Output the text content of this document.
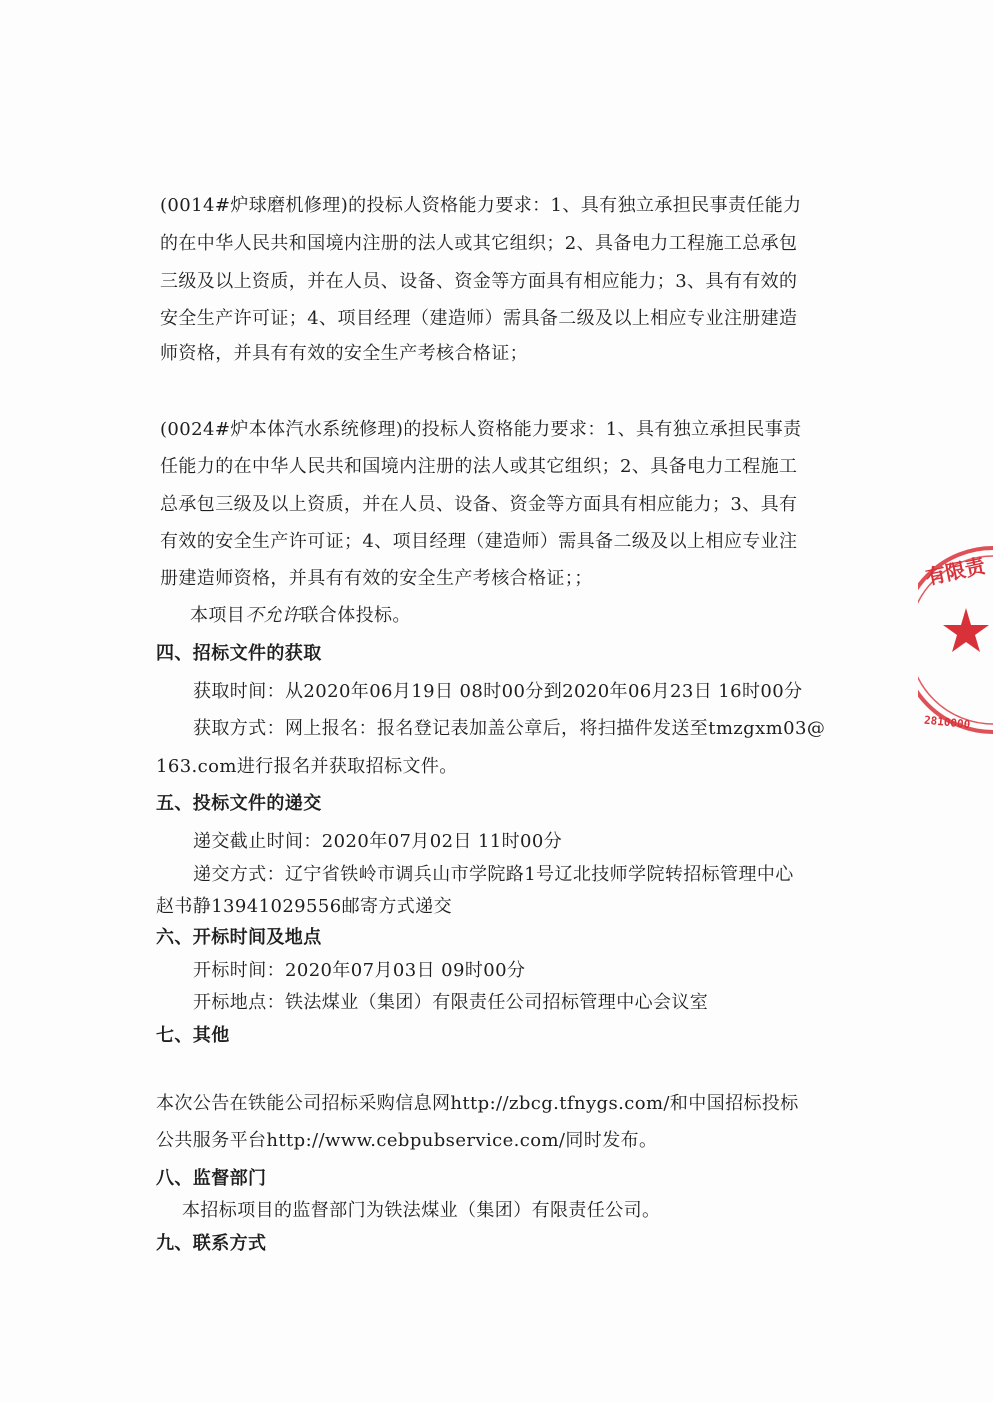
(0014#炉球磨机修理)的投标人资格能力要求：1、具有独立承担民事责任能力
的在中华人民共和国境内注册的法人或其它组织；2、具备电力工程施工总承包
三级及以上资质，并在人员、设备、资金等方面具有相应能力；3、具有有效的
安全生产许可证；4、项目经理（建造师）需具备二级及以上相应专业注册建造
师资格，并具有有效的安全生产考核合格证；
(0024#炉本体汽水系统修理)的投标人资格能力要求：1、具有独立承担民事责
任能力的在中华人民共和国境内注册的法人或其它组织；2、具备电力工程施工
总承包三级及以上资质，并在人员、设备、资金等方面具有相应能力；3、具有
有效的安全生产许可证；4、项目经理（建造师）需具备二级及以上相应专业注
册建造师资格，并具有有效的安全生产考核合格证；；
本项目不允许联合体投标。
四、招标文件的获取
获取时间：从2020年06月19日 08时00分到2020年06月23日 16时00分
获取方式：网上报名：报名登记表加盖公章后，将扫描件发送至tmzgxm03@
163.com进行报名并获取招标文件。
五、投标文件的递交
递交截止时间：2020年07月02日 11时00分
递交方式：辽宁省铁岭市调兵山市学院路1号辽北技师学院转招标管理中心
赵书静13941029556邮寄方式递交
六、开标时间及地点
开标时间：2020年07月03日 09时00分
开标地点：铁法煤业（集团）有限责任公司招标管理中心会议室
七、其他
本次公告在铁能公司招标采购信息网http://zbcg.tfnygs.com/和中国招标投标
公共服务平台http://www.cebpubservice.com/同时发布。
八、监督部门
本招标项目的监督部门为铁法煤业（集团）有限责任公司。
九、联系方式
有限责
2810000
